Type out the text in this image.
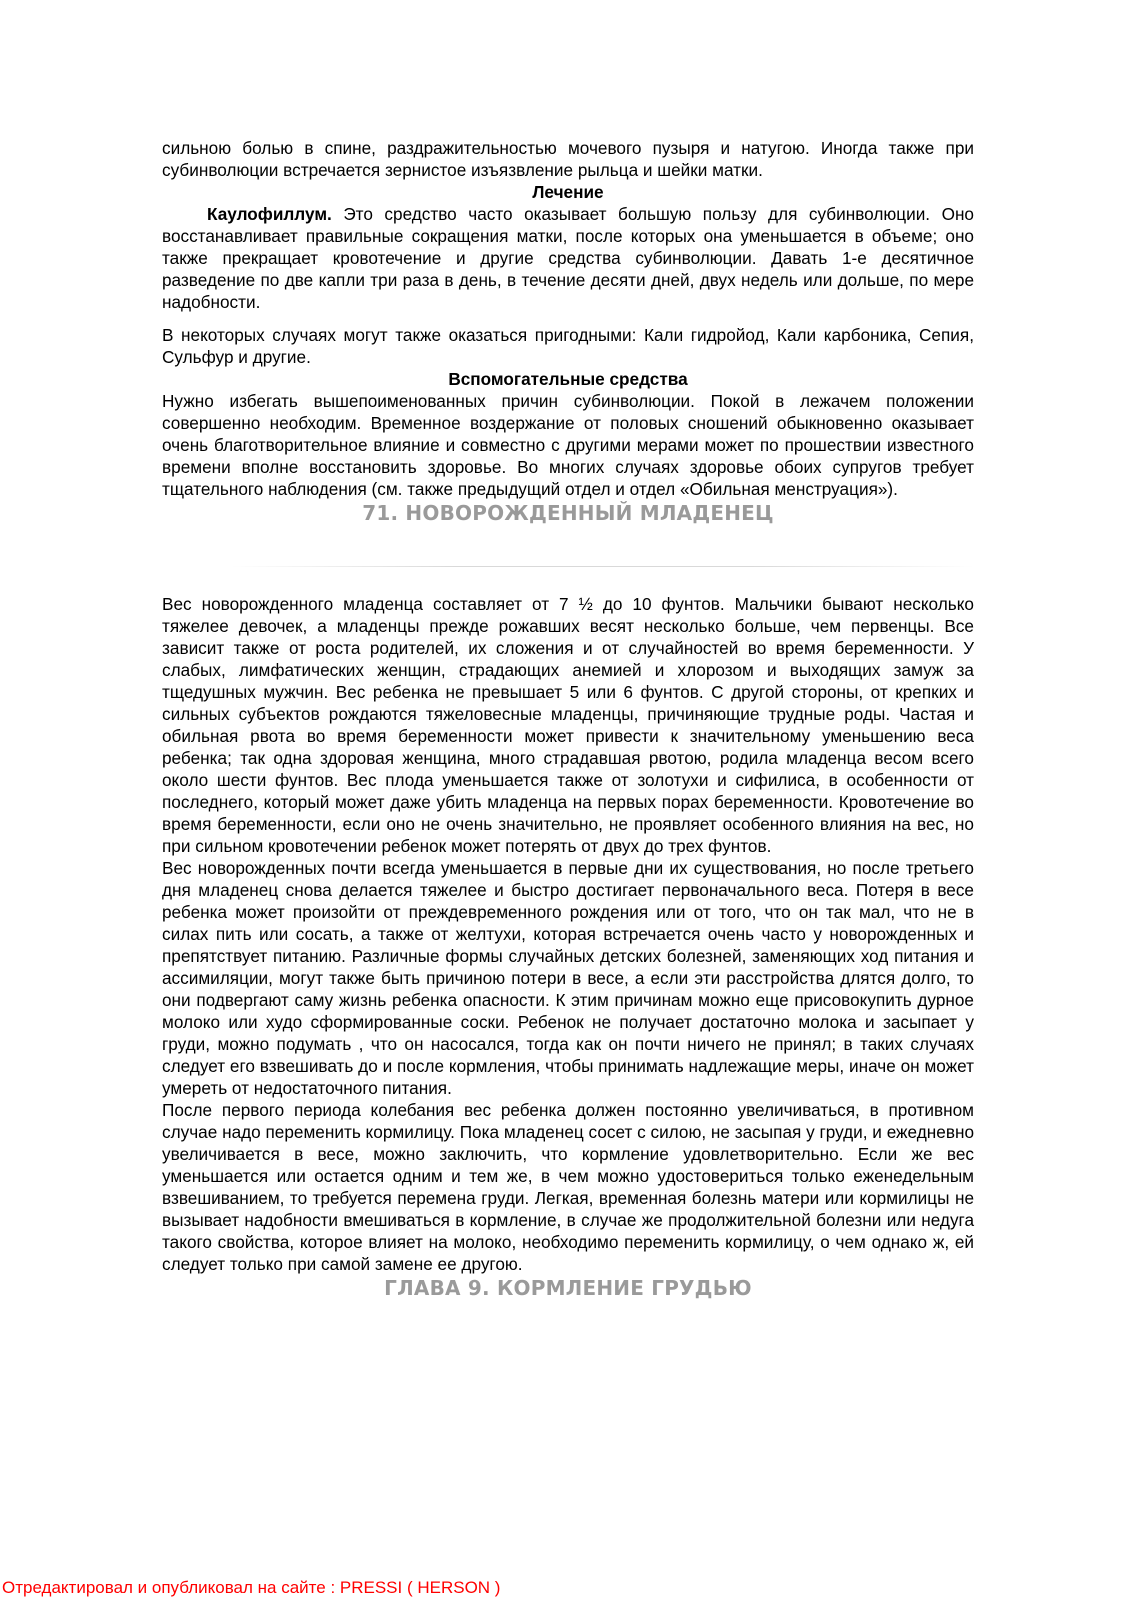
сильною болью в спине, раздражительностью мочевого пузыря и натугою. Иногда также при субинволюции встречается зернистое изъязвление рыльца и шейки матки.

Лечение

Каулофиллум. Это средство часто оказывает большую пользу для субинволюции. Оно восстанавливает правильные сокращения матки, после которых она уменьшается в объеме; оно также прекращает кровотечение и другие средства субинволюции. Давать 1-е десятичное разведение по две капли три раза в день, в течение десяти дней, двух недель или дольше, по мере надобности.

В некоторых случаях могут также оказаться пригодными: Кали гидройод, Кали карбоника, Сепия, Сульфур и другие.

Вспомогательные средства

Нужно избегать вышепоименованных причин субинволюции. Покой в лежачем положении совершенно необходим. Временное воздержание от половых сношений обыкновенно оказывает очень благотворительное влияние и совместно с другими мерами может по прошествии известного времени вполне восстановить здоровье. Во многих случаях здоровье обоих супругов требует тщательного наблюдения (см. также предыдущий отдел и отдел «Обильная менструация»).

71. НОВОРОЖДЕННЫЙ МЛАДЕНЕЦ

Вес новорожденного младенца составляет от 7 ½ до 10 фунтов. Мальчики бывают несколько тяжелее девочек, а младенцы прежде рожавших весят несколько больше, чем первенцы. Все зависит также от роста родителей, их сложения и от случайностей во время беременности. У слабых, лимфатических женщин, страдающих анемией и хлорозом и выходящих замуж за тщедушных мужчин. Вес ребенка не превышает 5 или 6 фунтов. С другой стороны, от крепких и сильных субъектов рождаются тяжеловесные младенцы, причиняющие трудные роды. Частая и обильная рвота во время беременности может привести к значительному уменьшению веса ребенка; так одна здоровая женщина, много страдавшая рвотою, родила младенца весом всего около шести фунтов. Вес плода уменьшается также от золотухи и сифилиса, в особенности от последнего, который может даже убить младенца на первых порах беременности. Кровотечение во время беременности, если оно не очень значительно, не проявляет особенного влияния на вес, но при сильном кровотечении ребенок может потерять от двух до трех фунтов.

Вес новорожденных почти всегда уменьшается в первые дни их существования, но после третьего дня младенец снова делается тяжелее и быстро достигает первоначального веса. Потеря в весе ребенка может произойти от преждевременного рождения или от того, что он так мал, что не в силах пить или сосать, а также от желтухи, которая встречается очень часто у новорожденных и препятствует питанию. Различные формы случайных детских болезней, заменяющих ход питания и ассимиляции, могут также быть причиною потери в весе, а если эти расстройства длятся долго, то они подвергают саму жизнь ребенка опасности. К этим причинам можно еще присовокупить дурное молоко или худо сформированные соски. Ребенок не получает достаточно молока и засыпает у груди, можно подумать , что он насосался, тогда как он почти ничего не принял; в таких случаях следует его взвешивать до и после кормления, чтобы принимать надлежащие меры, иначе он может умереть от недостаточного питания.

После первого периода колебания вес ребенка должен постоянно увеличиваться, в противном случае надо переменить кормилицу. Пока младенец сосет с силою, не засыпая у груди, и ежедневно увеличивается в весе, можно заключить, что кормление удовлетворительно. Если же вес уменьшается или остается одним и тем же, в чем можно удостовериться только еженедельным взвешиванием, то требуется перемена груди. Легкая, временная болезнь матери или кормилицы не вызывает надобности вмешиваться в кормление, в случае же продолжительной болезни или недуга такого свойства, которое влияет на молоко, необходимо переменить кормилицу, о чем однако ж, ей следует только при самой замене ее другою.

ГЛАВА 9. КОРМЛЕНИЕ ГРУДЬЮ

Отредактировал и опубликовал на сайте : PRESSI ( HERSON )
